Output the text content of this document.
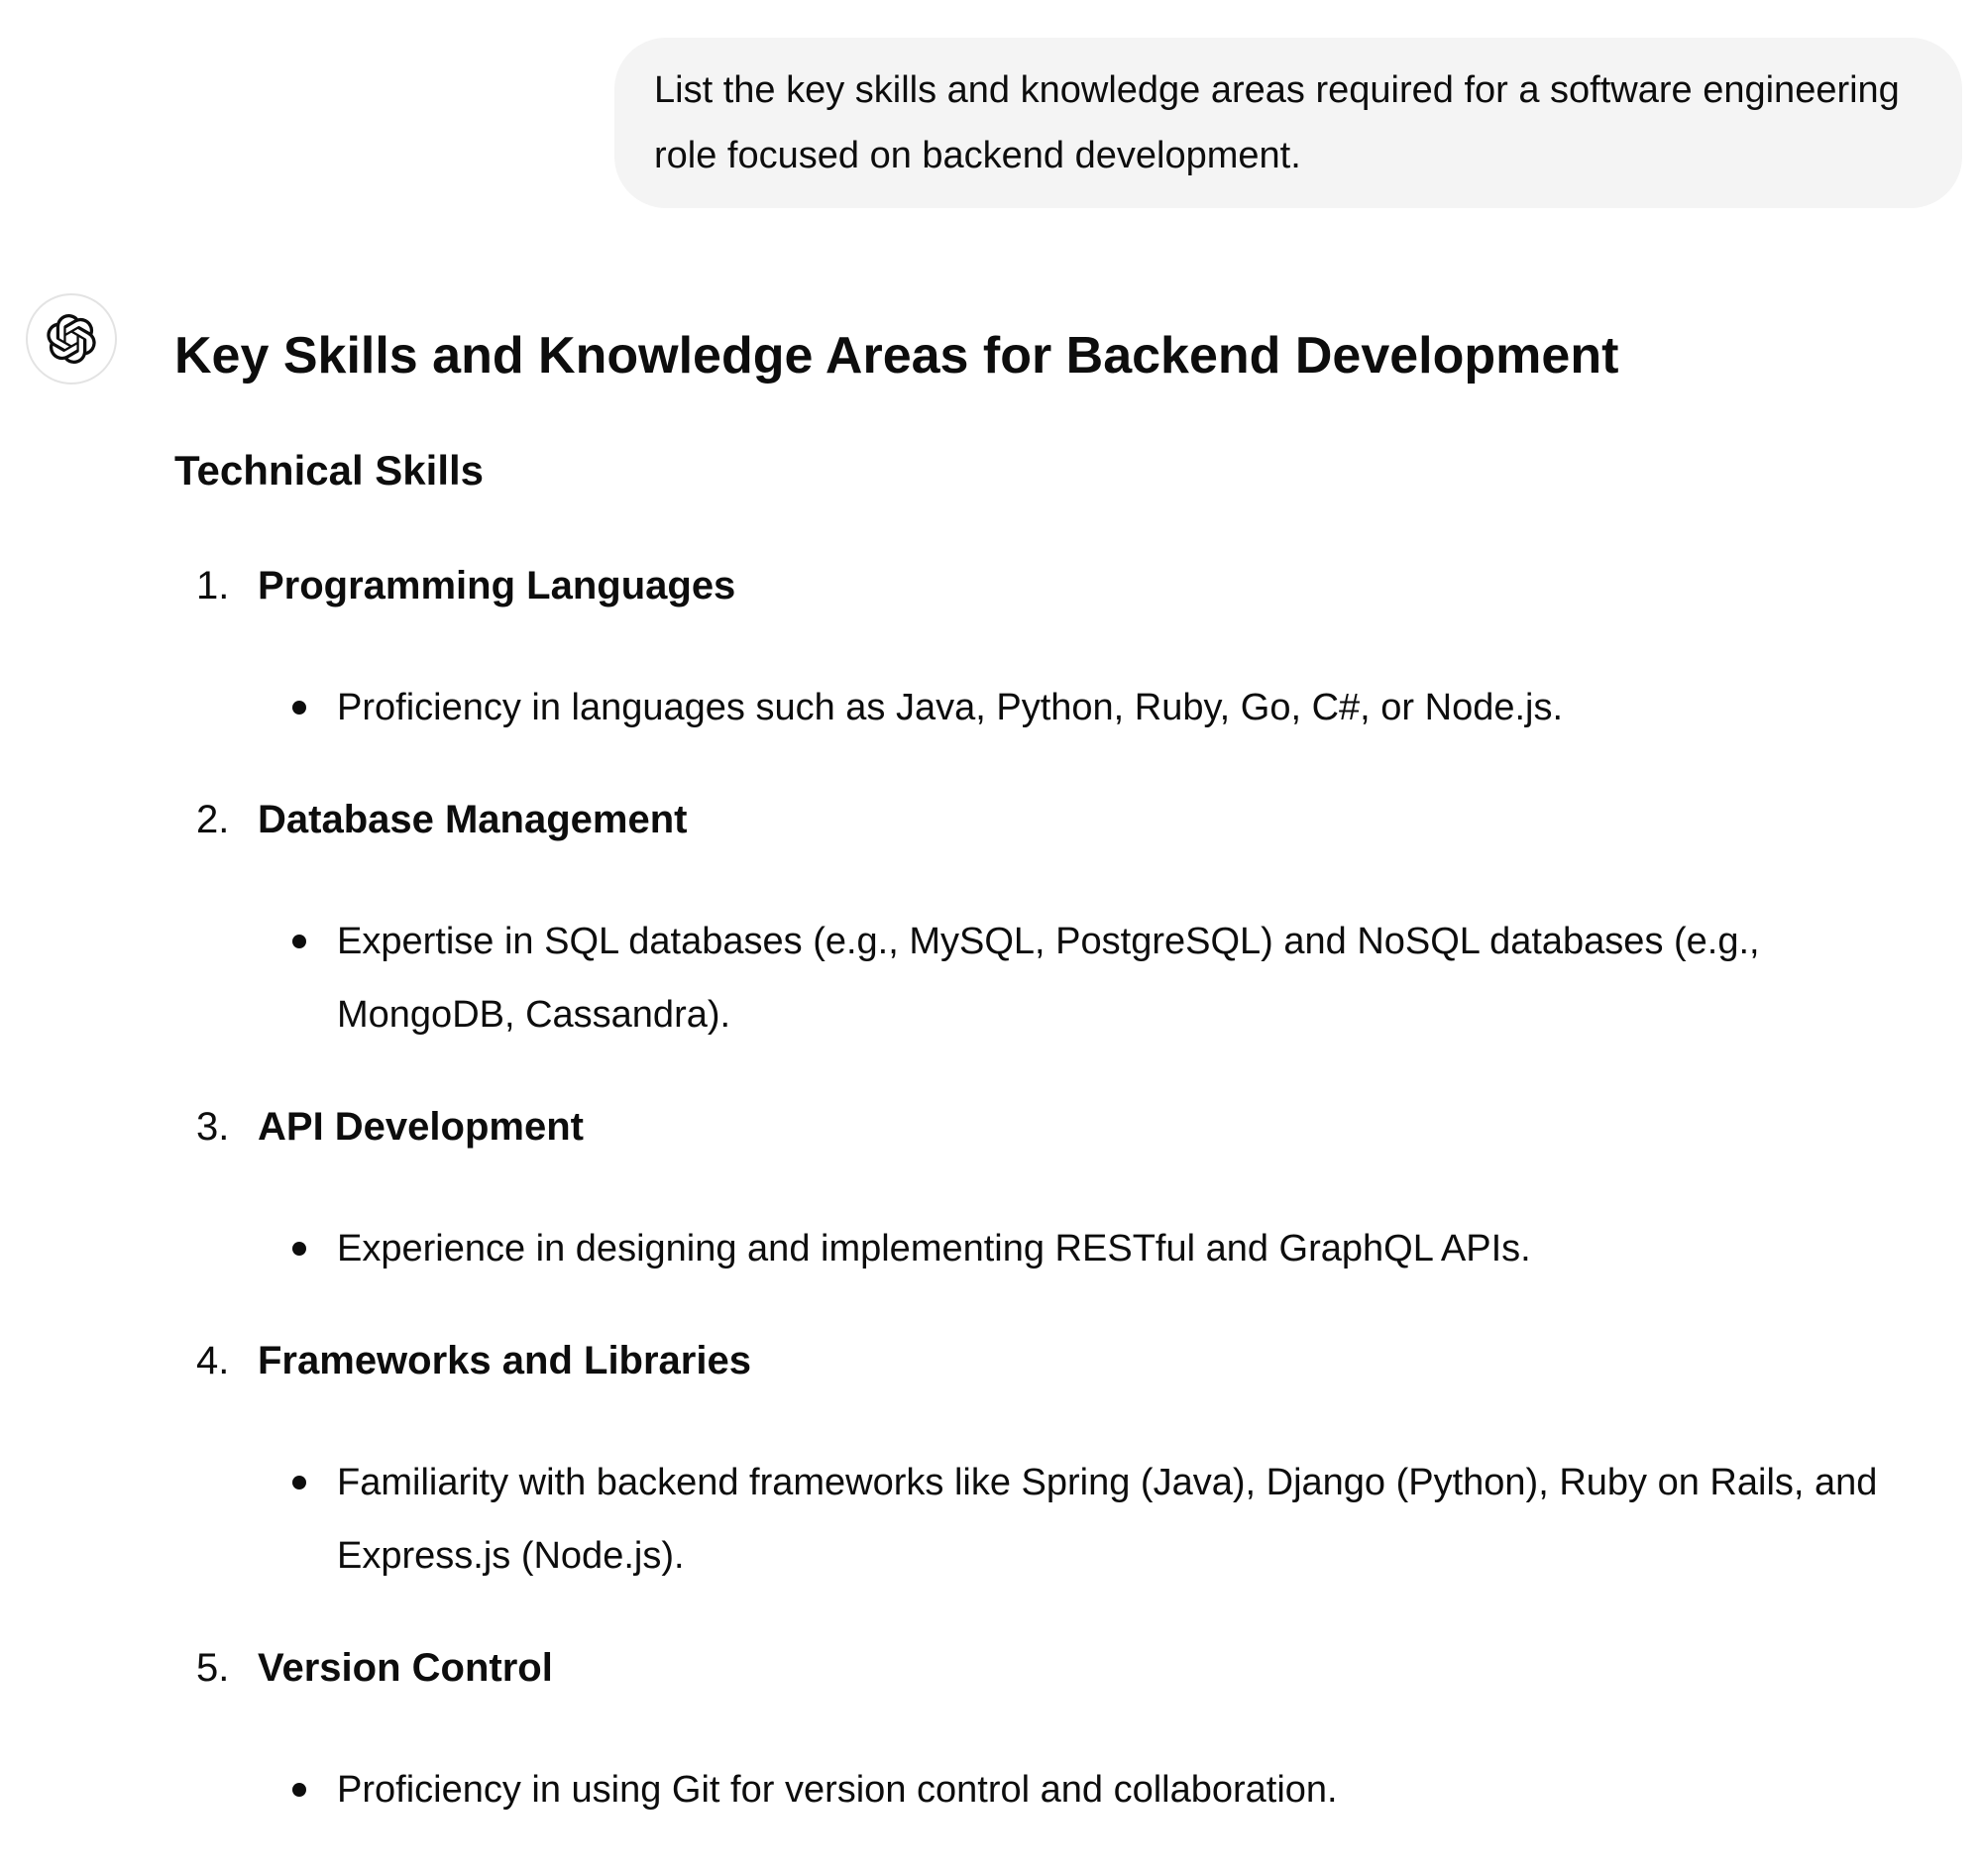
List the key skills and knowledge areas required for a software engineering role focused on backend development.

Key Skills and Knowledge Areas for Backend Development
Technical Skills
1. Programming Languages
Proficiency in languages such as Java, Python, Ruby, Go, C#, or Node.js.
2. Database Management
Expertise in SQL databases (e.g., MySQL, PostgreSQL) and NoSQL databases (e.g., MongoDB, Cassandra).
3. API Development
Experience in designing and implementing RESTful and GraphQL APIs.
4. Frameworks and Libraries
Familiarity with backend frameworks like Spring (Java), Django (Python), Ruby on Rails, and Express.js (Node.js).
5. Version Control
Proficiency in using Git for version control and collaboration.
